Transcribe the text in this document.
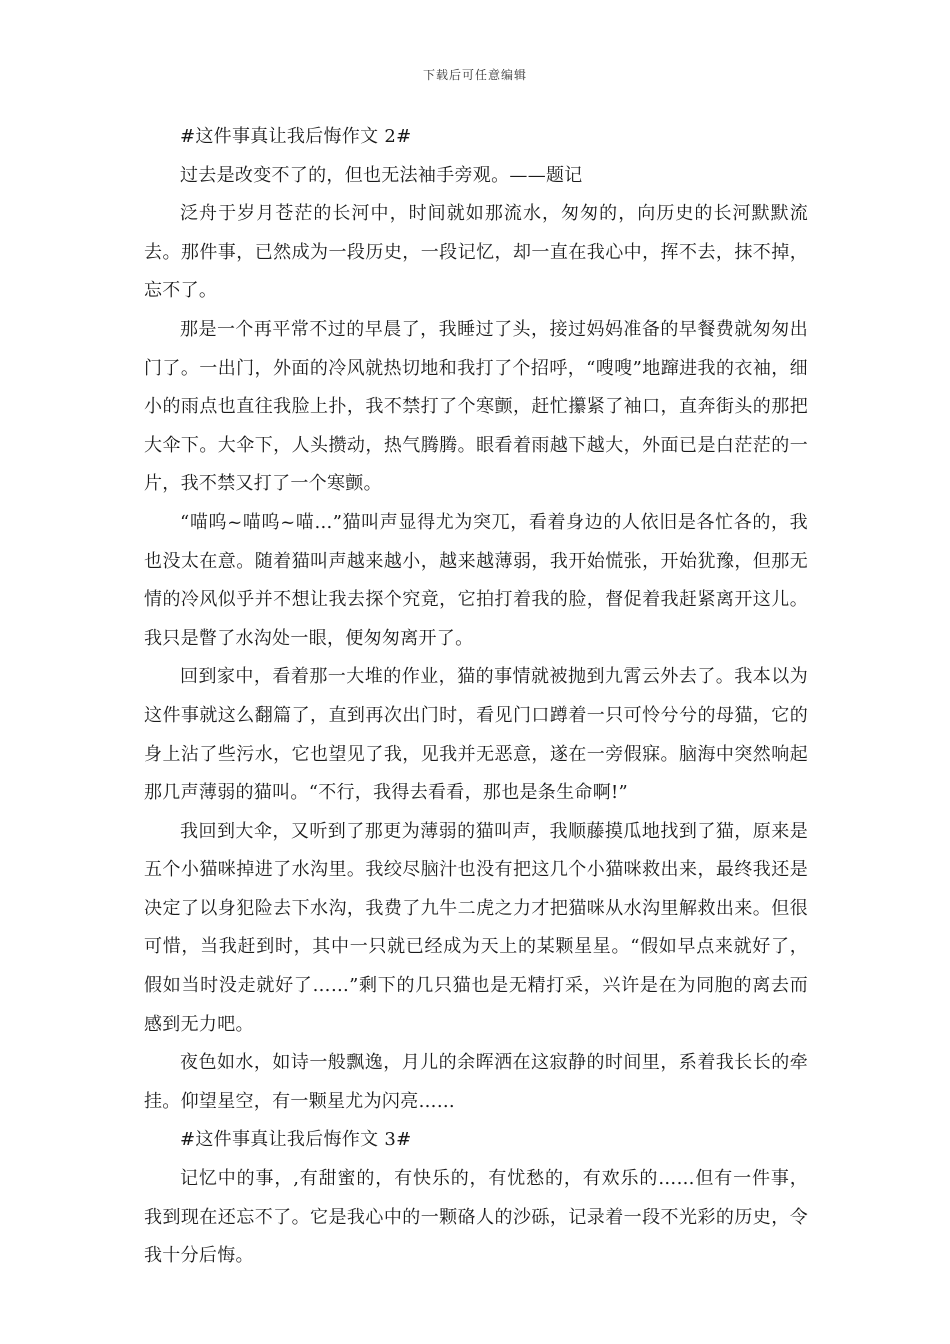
下载后可任意编辑

#这件事真让我后悔作文 2#

过去是改变不了的，但也无法袖手旁观。——题记

泛舟于岁月苍茫的长河中，时间就如那流水，匆匆的，向历史的长河默默流去。那件事，已然成为一段历史，一段记忆，却一直在我心中，挥不去，抹不掉，忘不了。

那是一个再平常不过的早晨了，我睡过了头，接过妈妈准备的早餐费就匆匆出门了。一出门，外面的冷风就热切地和我打了个招呼，“嗖嗖”地蹿进我的衣袖，细小的雨点也直往我脸上扑，我不禁打了个寒颤，赶忙攥紧了袖口，直奔街头的那把大伞下。大伞下，人头攒动，热气腾腾。眼看着雨越下越大，外面已是白茫茫的一片，我不禁又打了一个寒颤。

“喵呜~喵呜~喵…”猫叫声显得尤为突兀，看着身边的人依旧是各忙各的，我也没太在意。随着猫叫声越来越小，越来越薄弱，我开始慌张，开始犹豫，但那无情的冷风似乎并不想让我去探个究竟，它拍打着我的脸，督促着我赶紧离开这儿。我只是瞥了水沟处一眼，便匆匆离开了。

回到家中，看着那一大堆的作业，猫的事情就被抛到九霄云外去了。我本以为这件事就这么翻篇了，直到再次出门时，看见门口蹲着一只可怜兮兮的母猫，它的身上沾了些污水，它也望见了我，见我并无恶意，遂在一旁假寐。脑海中突然响起那几声薄弱的猫叫。“不行，我得去看看，那也是条生命啊!”

我回到大伞，又听到了那更为薄弱的猫叫声，我顺藤摸瓜地找到了猫，原来是五个小猫咪掉进了水沟里。我绞尽脑汁也没有把这几个小猫咪救出来，最终我还是决定了以身犯险去下水沟，我费了九牛二虎之力才把猫咪从水沟里解救出来。但很可惜，当我赶到时，其中一只就已经成为天上的某颗星星。“假如早点来就好了，假如当时没走就好了……”剩下的几只猫也是无精打采，兴许是在为同胞的离去而感到无力吧。

夜色如水，如诗一般飘逸，月儿的余晖洒在这寂静的时间里，系着我长长的牵挂。仰望星空，有一颗星尤为闪亮……

#这件事真让我后悔作文 3#

记忆中的事，,有甜蜜的，有快乐的，有忧愁的，有欢乐的……但有一件事，我到现在还忘不了。它是我心中的一颗硌人的沙砾，记录着一段不光彩的历史，令我十分后悔。
